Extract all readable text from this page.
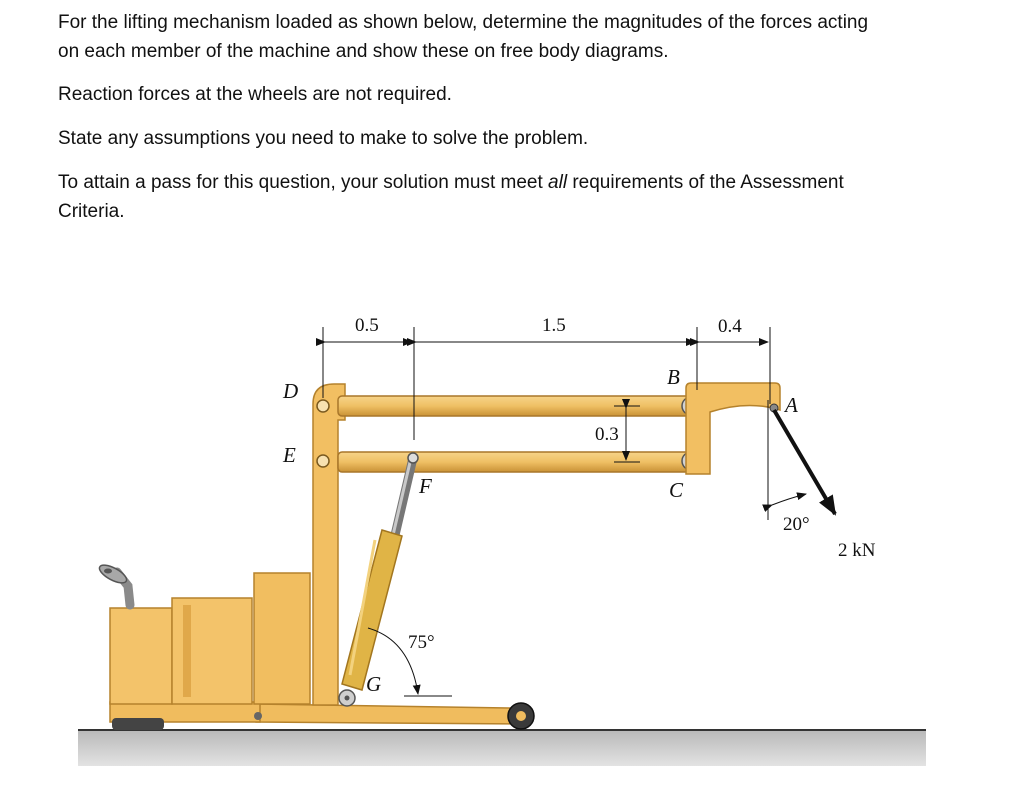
For the lifting mechanism loaded as shown below, determine the magnitudes of the forces acting
on each member of the machine and show these on free body diagrams.

Reaction forces at the wheels are not required.

State any assumptions you need to make to solve the problem.

To attain a pass for this question, your solution must meet all requirements of the Assessment
Criteria.

0.5	1.5	0.4
0.3
D
E
B
C
A
F
G
75°
20°
2 kN
